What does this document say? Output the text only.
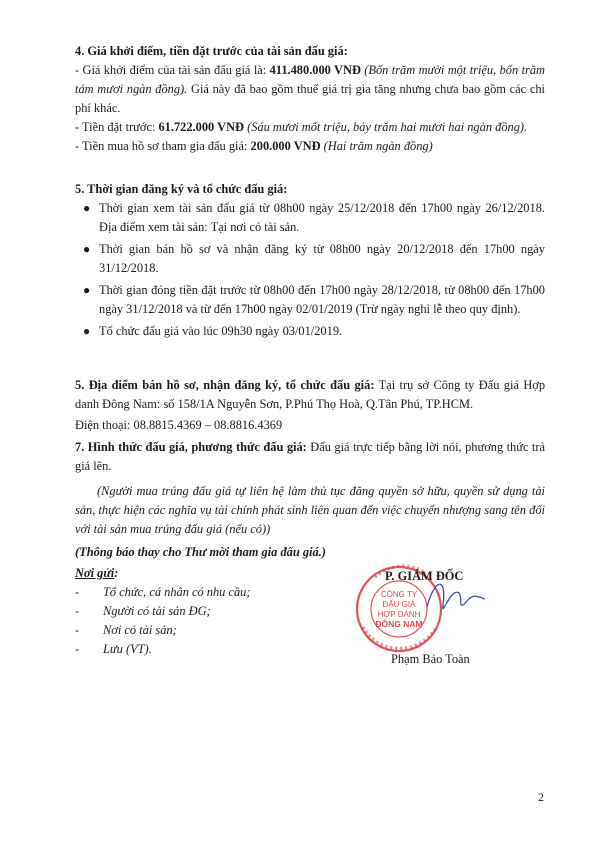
4. Giá khởi điểm, tiền đặt trước của tài sản đấu giá:

- Giá khởi điểm của tài sản đấu giá là: 411.480.000 VNĐ (Bốn trăm mười một triệu, bốn trăm tám mươi ngàn đồng). Giá này đã bao gồm thuế giá trị gia tăng nhưng chưa bao gồm các chi phí khác.

- Tiền đặt trước: 61.722.000 VNĐ (Sáu mươi mốt triệu, bảy trăm hai mươi hai ngàn đồng).

- Tiền mua hồ sơ tham gia đấu giá: 200.000 VNĐ (Hai trăm ngàn đồng)

5. Thời gian đăng ký và tổ chức đấu giá:

● Thời gian xem tài sản đấu giá từ 08h00 ngày 25/12/2018 đến 17h00 ngày 26/12/2018. Địa điểm xem tài sản: Tại nơi có tài sản.
● Thời gian bán hồ sơ và nhận đăng ký từ 08h00 ngày 20/12/2018 đến 17h00 ngày 31/12/2018.
● Thời gian đóng tiền đặt trước từ 08h00 đến 17h00 ngày 28/12/2018, từ 08h00 đến 17h00 ngày 31/12/2018 và từ đến 17h00 ngày 02/01/2019 (Trừ ngày nghỉ lễ theo quy định).
● Tổ chức đấu giá vào lúc 09h30 ngày 03/01/2019.

5. Địa điểm bán hồ sơ, nhận đăng ký, tổ chức đấu giá: Tại trụ sở Công ty Đấu giá Hợp danh Đông Nam: số 158/1A Nguyễn Sơn, P.Phú Thọ Hoà, Q.Tân Phú, TP.HCM.

Điện thoại: 08.8815.4369 – 08.8816.4369

7. Hình thức đấu giá, phương thức đấu giá: Đấu giá trực tiếp bằng lời nói, phương thức trả giá lên.

(Người mua trúng đấu giá tự liên hệ làm thủ tục đăng quyền sở hữu, quyền sử dụng tài sản, thực hiện các nghĩa vụ tài chính phát sinh liên quan đến việc chuyển nhượng sang tên đối với tài sản mua trúng đấu giá (nếu có))

(Thông báo thay cho Thư mời tham gia đấu giá.)

Nơi gửi:

- Tổ chức, cá nhân có nhu cầu;
- Người có tài sản ĐG;
- Nơi có tài sản;
- Lưu (VT).
P. GIÁM ĐỐC
CÔNG TY
ĐẤU GIÁ
HỢP DANH
ĐÔNG NAM
Phạm Bảo Toàn
2
